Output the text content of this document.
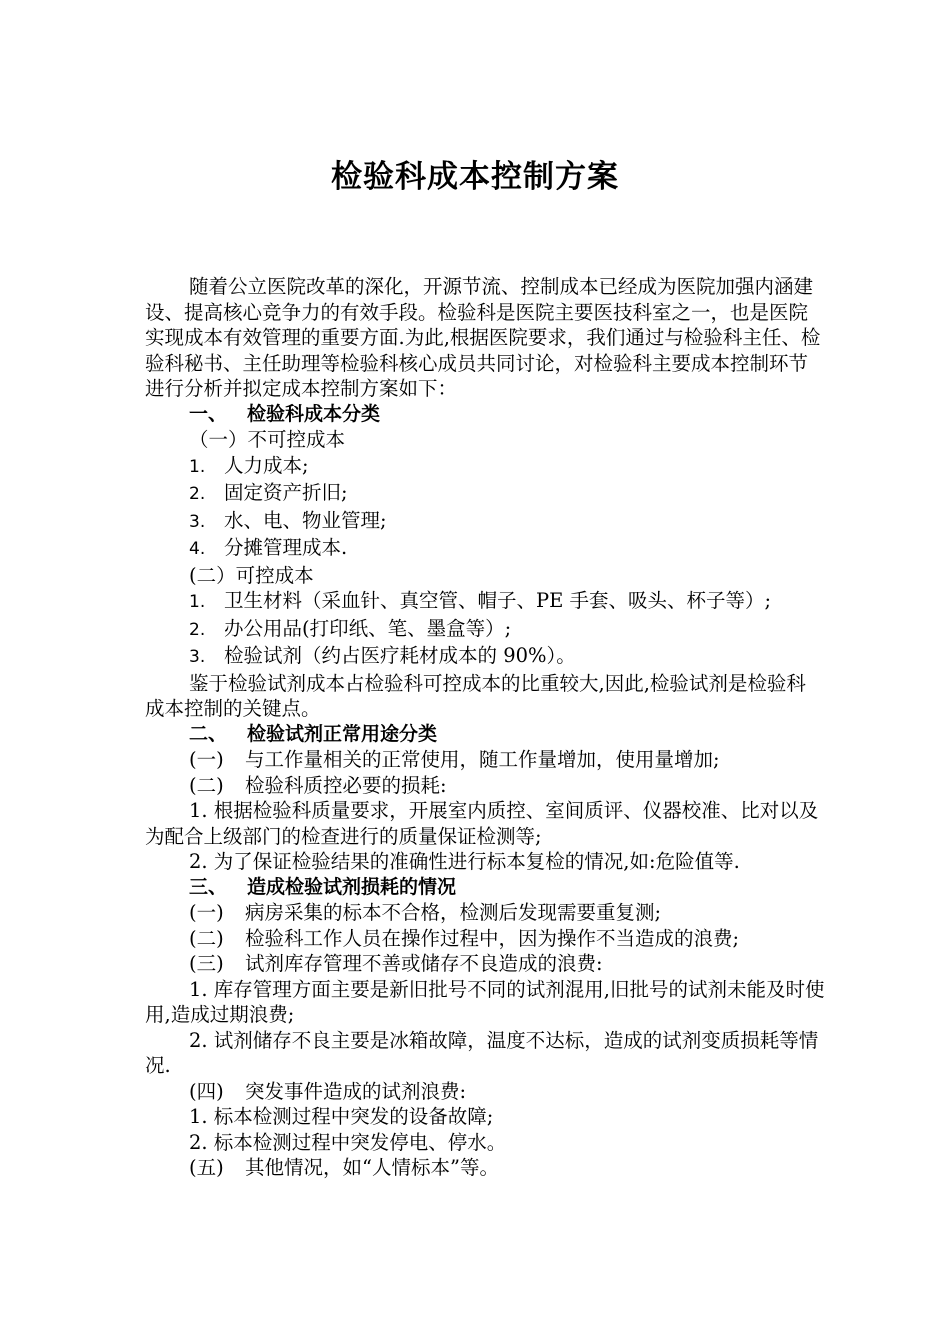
检验科成本控制方案

随着公立医院改革的深化，开源节流、控制成本已经成为医院加强内涵建设、提高核心竞争力的有效手段。检验科是医院主要医技科室之一，也是医院实现成本有效管理的重要方面.为此,根据医院要求，我们通过与检验科主任、检验科秘书、主任助理等检验科核心成员共同讨论，对检验科主要成本控制环节进行分析并拟定成本控制方案如下：

一、 检验科成本分类

（一）不可控成本

1. 人力成本;

2. 固定资产折旧;

3. 水、电、物业管理;

4. 分摊管理成本.

(二）可控成本

1. 卫生材料（采血针、真空管、帽子、PE 手套、吸头、杯子等）;

2. 办公用品(打印纸、笔、墨盒等）;

3. 检验试剂（约占医疗耗材成本的 90%）。

鉴于检验试剂成本占检验科可控成本的比重较大,因此,检验试剂是检验科成本控制的关键点。

二、 检验试剂正常用途分类

(一) 与工作量相关的正常使用，随工作量增加，使用量增加;

(二) 检验科质控必要的损耗:

1. 根据检验科质量要求，开展室内质控、室间质评、仪器校准、比对以及为配合上级部门的检查进行的质量保证检测等;

2. 为了保证检验结果的准确性进行标本复检的情况,如:危险值等.

三、 造成检验试剂损耗的情况

(一) 病房采集的标本不合格，检测后发现需要重复测;

(二) 检验科工作人员在操作过程中，因为操作不当造成的浪费;

(三) 试剂库存管理不善或储存不良造成的浪费:

1. 库存管理方面主要是新旧批号不同的试剂混用,旧批号的试剂未能及时使用,造成过期浪费;

2. 试剂储存不良主要是冰箱故障，温度不达标，造成的试剂变质损耗等情况.

(四) 突发事件造成的试剂浪费:

1. 标本检测过程中突发的设备故障;

2. 标本检测过程中突发停电、停水。

(五) 其他情况，如“人情标本”等。
